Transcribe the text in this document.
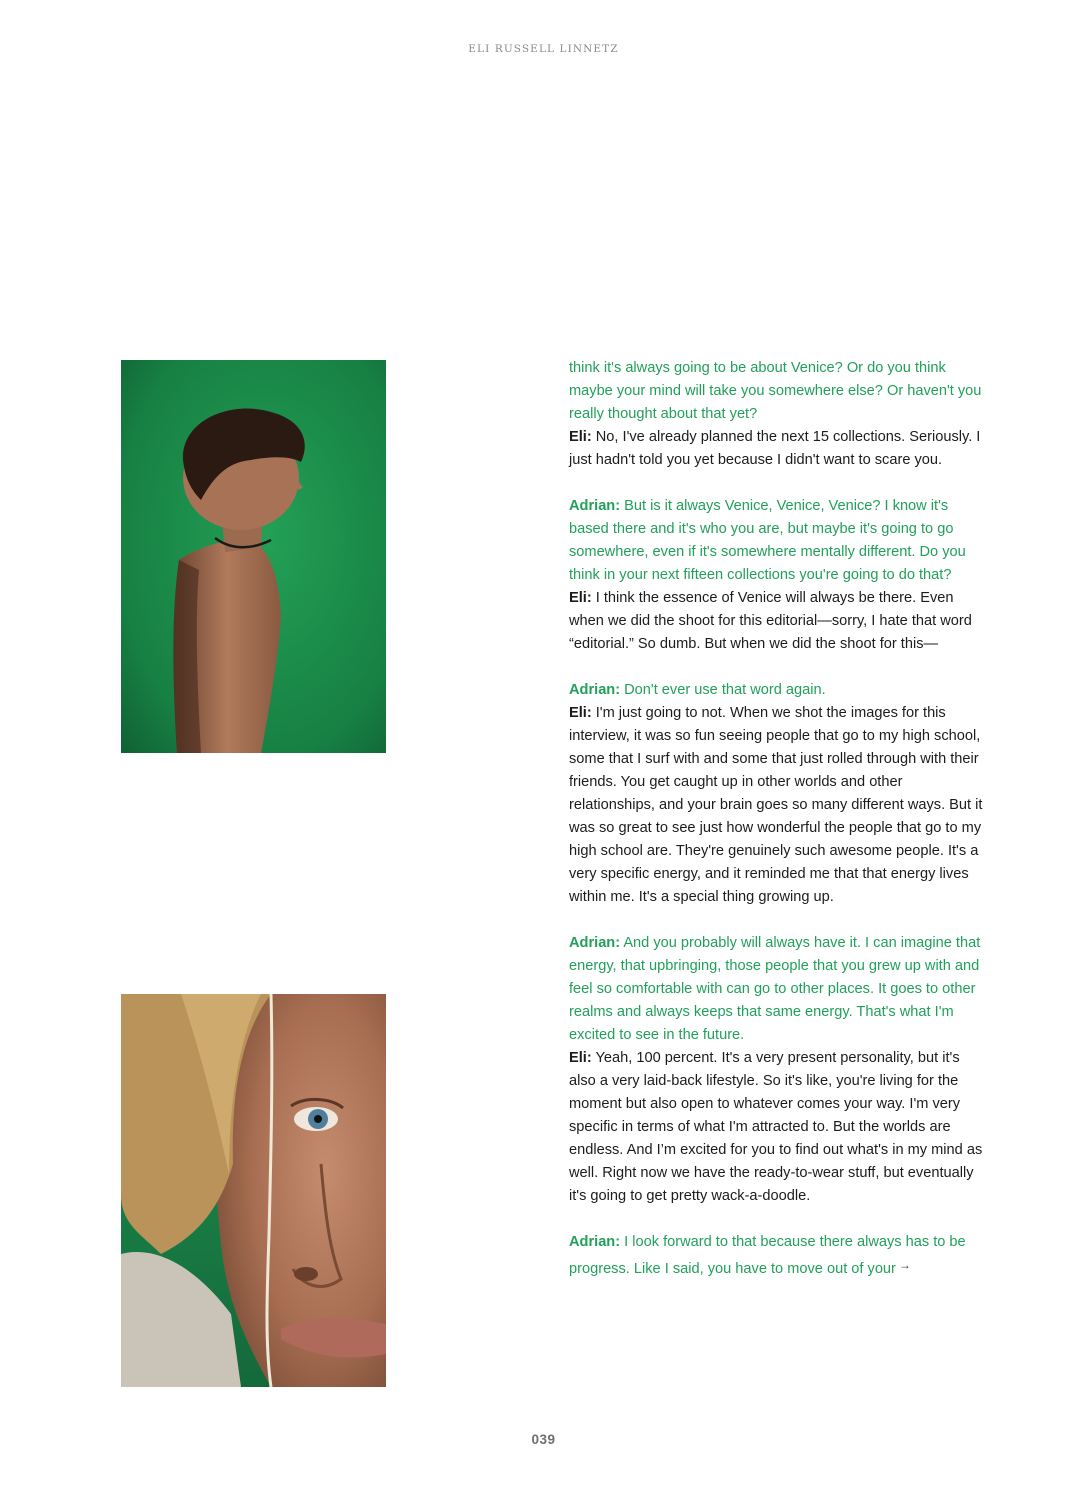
ELI RUSSELL LINNETZ

think it's always going to be about Venice? Or do you think maybe your mind will take you somewhere else? Or haven't you really thought about that yet?
Eli: No, I've already planned the next 15 collections. Seriously. I just hadn't told you yet because I didn't want to scare you.

Adrian: But is it always Venice, Venice, Venice? I know it's based there and it's who you are, but maybe it's going to go somewhere, even if it's somewhere mentally different. Do you think in your next fifteen collections you're going to do that?
Eli: I think the essence of Venice will always be there. Even when we did the shoot for this editorial—sorry, I hate that word “editorial.” So dumb. But when we did the shoot for this—

Adrian: Don't ever use that word again.
Eli: I'm just going to not. When we shot the images for this interview, it was so fun seeing people that go to my high school, some that I surf with and some that just rolled through with their friends. You get caught up in other worlds and other relationships, and your brain goes so many different ways. But it was so great to see just how wonderful the people that go to my high school are. They're genuinely such awesome people. It's a very specific energy, and it reminded me that that energy lives within me. It's a special thing growing up.

Adrian: And you probably will always have it. I can imagine that energy, that upbringing, those people that you grew up with and feel so comfortable with can go to other places. It goes to other realms and always keeps that same energy. That's what I'm excited to see in the future.
Eli: Yeah, 100 percent. It's a very present personality, but it's also a very laid-back lifestyle. So it's like, you're living for the moment but also open to whatever comes your way. I'm very specific in terms of what I'm attracted to. But the worlds are endless. And I’m excited for you to find out what's in my mind as well. Right now we have the ready-to-wear stuff, but eventually it's going to get pretty wack-a-doodle.

Adrian: I look forward to that because there always has to be progress. Like I said, you have to move out of your →

039
